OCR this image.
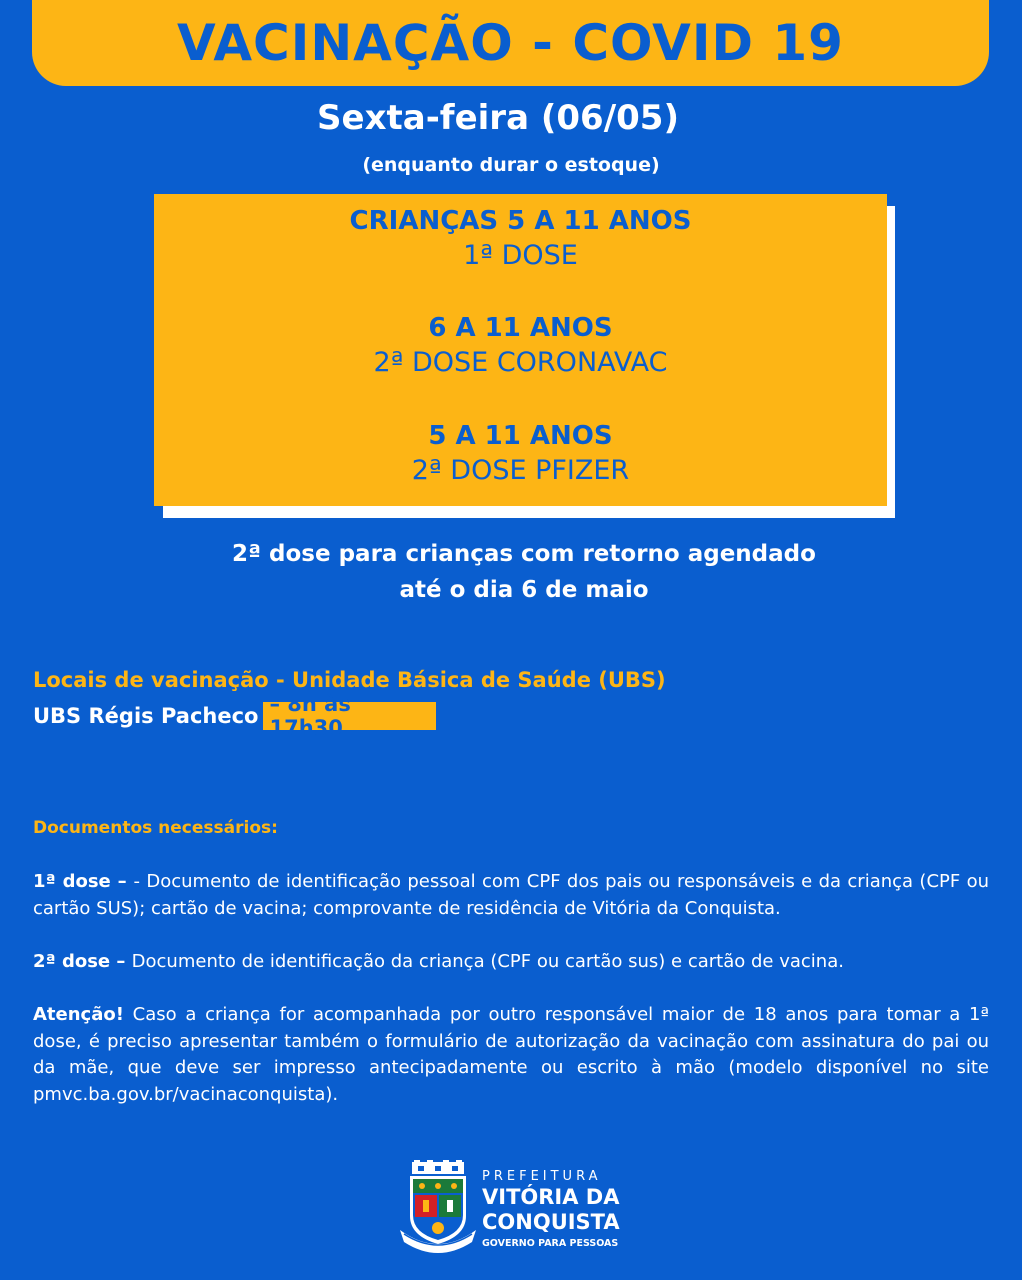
VACINAÇÃO - COVID 19
Sexta-feira (06/05)
(enquanto durar o estoque)
CRIANÇAS 5 A 11 ANOS
1ª DOSE
6 A 11 ANOS
2ª DOSE CORONAVAC
5 A 11 ANOS
2ª DOSE PFIZER
2ª dose para crianças com retorno agendado
até o dia 6 de maio
Locais de vacinação - Unidade Básica de Saúde (UBS)
UBS Régis Pacheco – 8h às 17h30
Documentos necessários:

1ª dose – - Documento de identificação pessoal com CPF dos pais ou responsáveis e da criança (CPF ou cartão SUS); cartão de vacina; comprovante de residência de Vitória da Conquista.

2ª dose – Documento de identificação da criança (CPF ou cartão sus) e cartão de vacina.

Atenção! Caso a criança for acompanhada por outro responsável maior de 18 anos para tomar a 1ª dose, é preciso apresentar também o formulário de autorização da vacinação com assinatura do pai ou da mãe, que deve ser impresso antecipadamente ou escrito à mão (modelo disponível no site pmvc.ba.gov.br/vacinaconquista).

PREFEITURA
VITÓRIA DA
CONQUISTA
GOVERNO PARA PESSOAS
